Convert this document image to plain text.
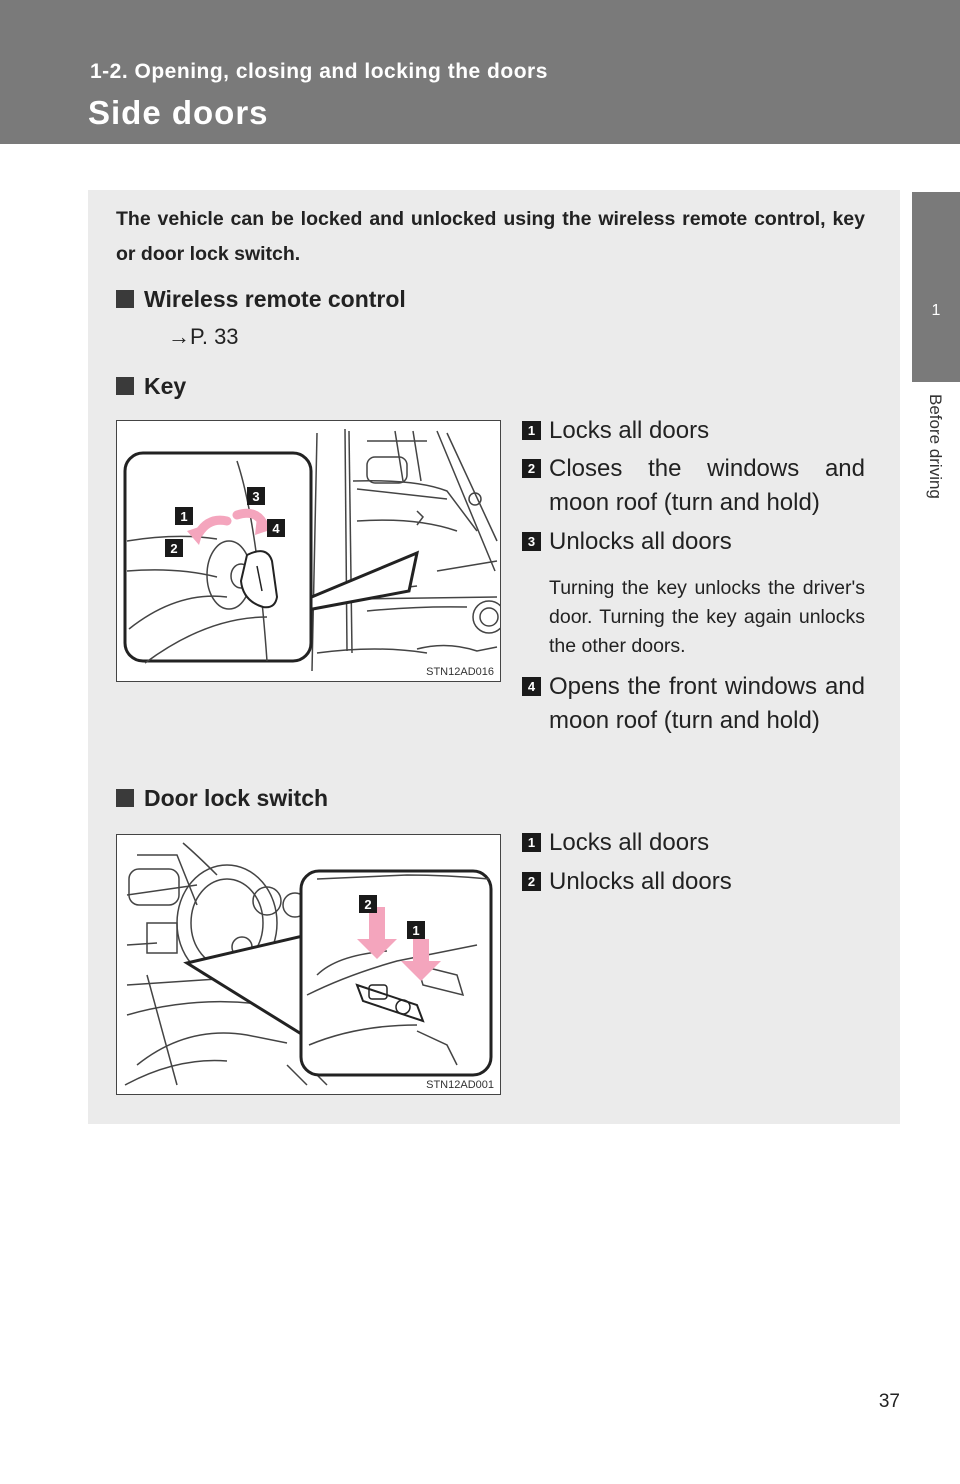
1-2. Opening, closing and locking the doors
Side doors
1
Before driving

The vehicle can be locked and unlocked using the wireless remote control, key or door lock switch.

Wireless remote control
→P. 33
Key
1
2
3
4
STN12AD016
1 Locks all doors
2 Closes the windows and moon roof (turn and hold)
3 Unlocks all doors

Turning the key unlocks the driver's door. Turning the key again unlocks the other doors.

4 Opens the front windows and moon roof (turn and hold)
Door lock switch
2
1
STN12AD001
1 Locks all doors
2 Unlocks all doors
37
